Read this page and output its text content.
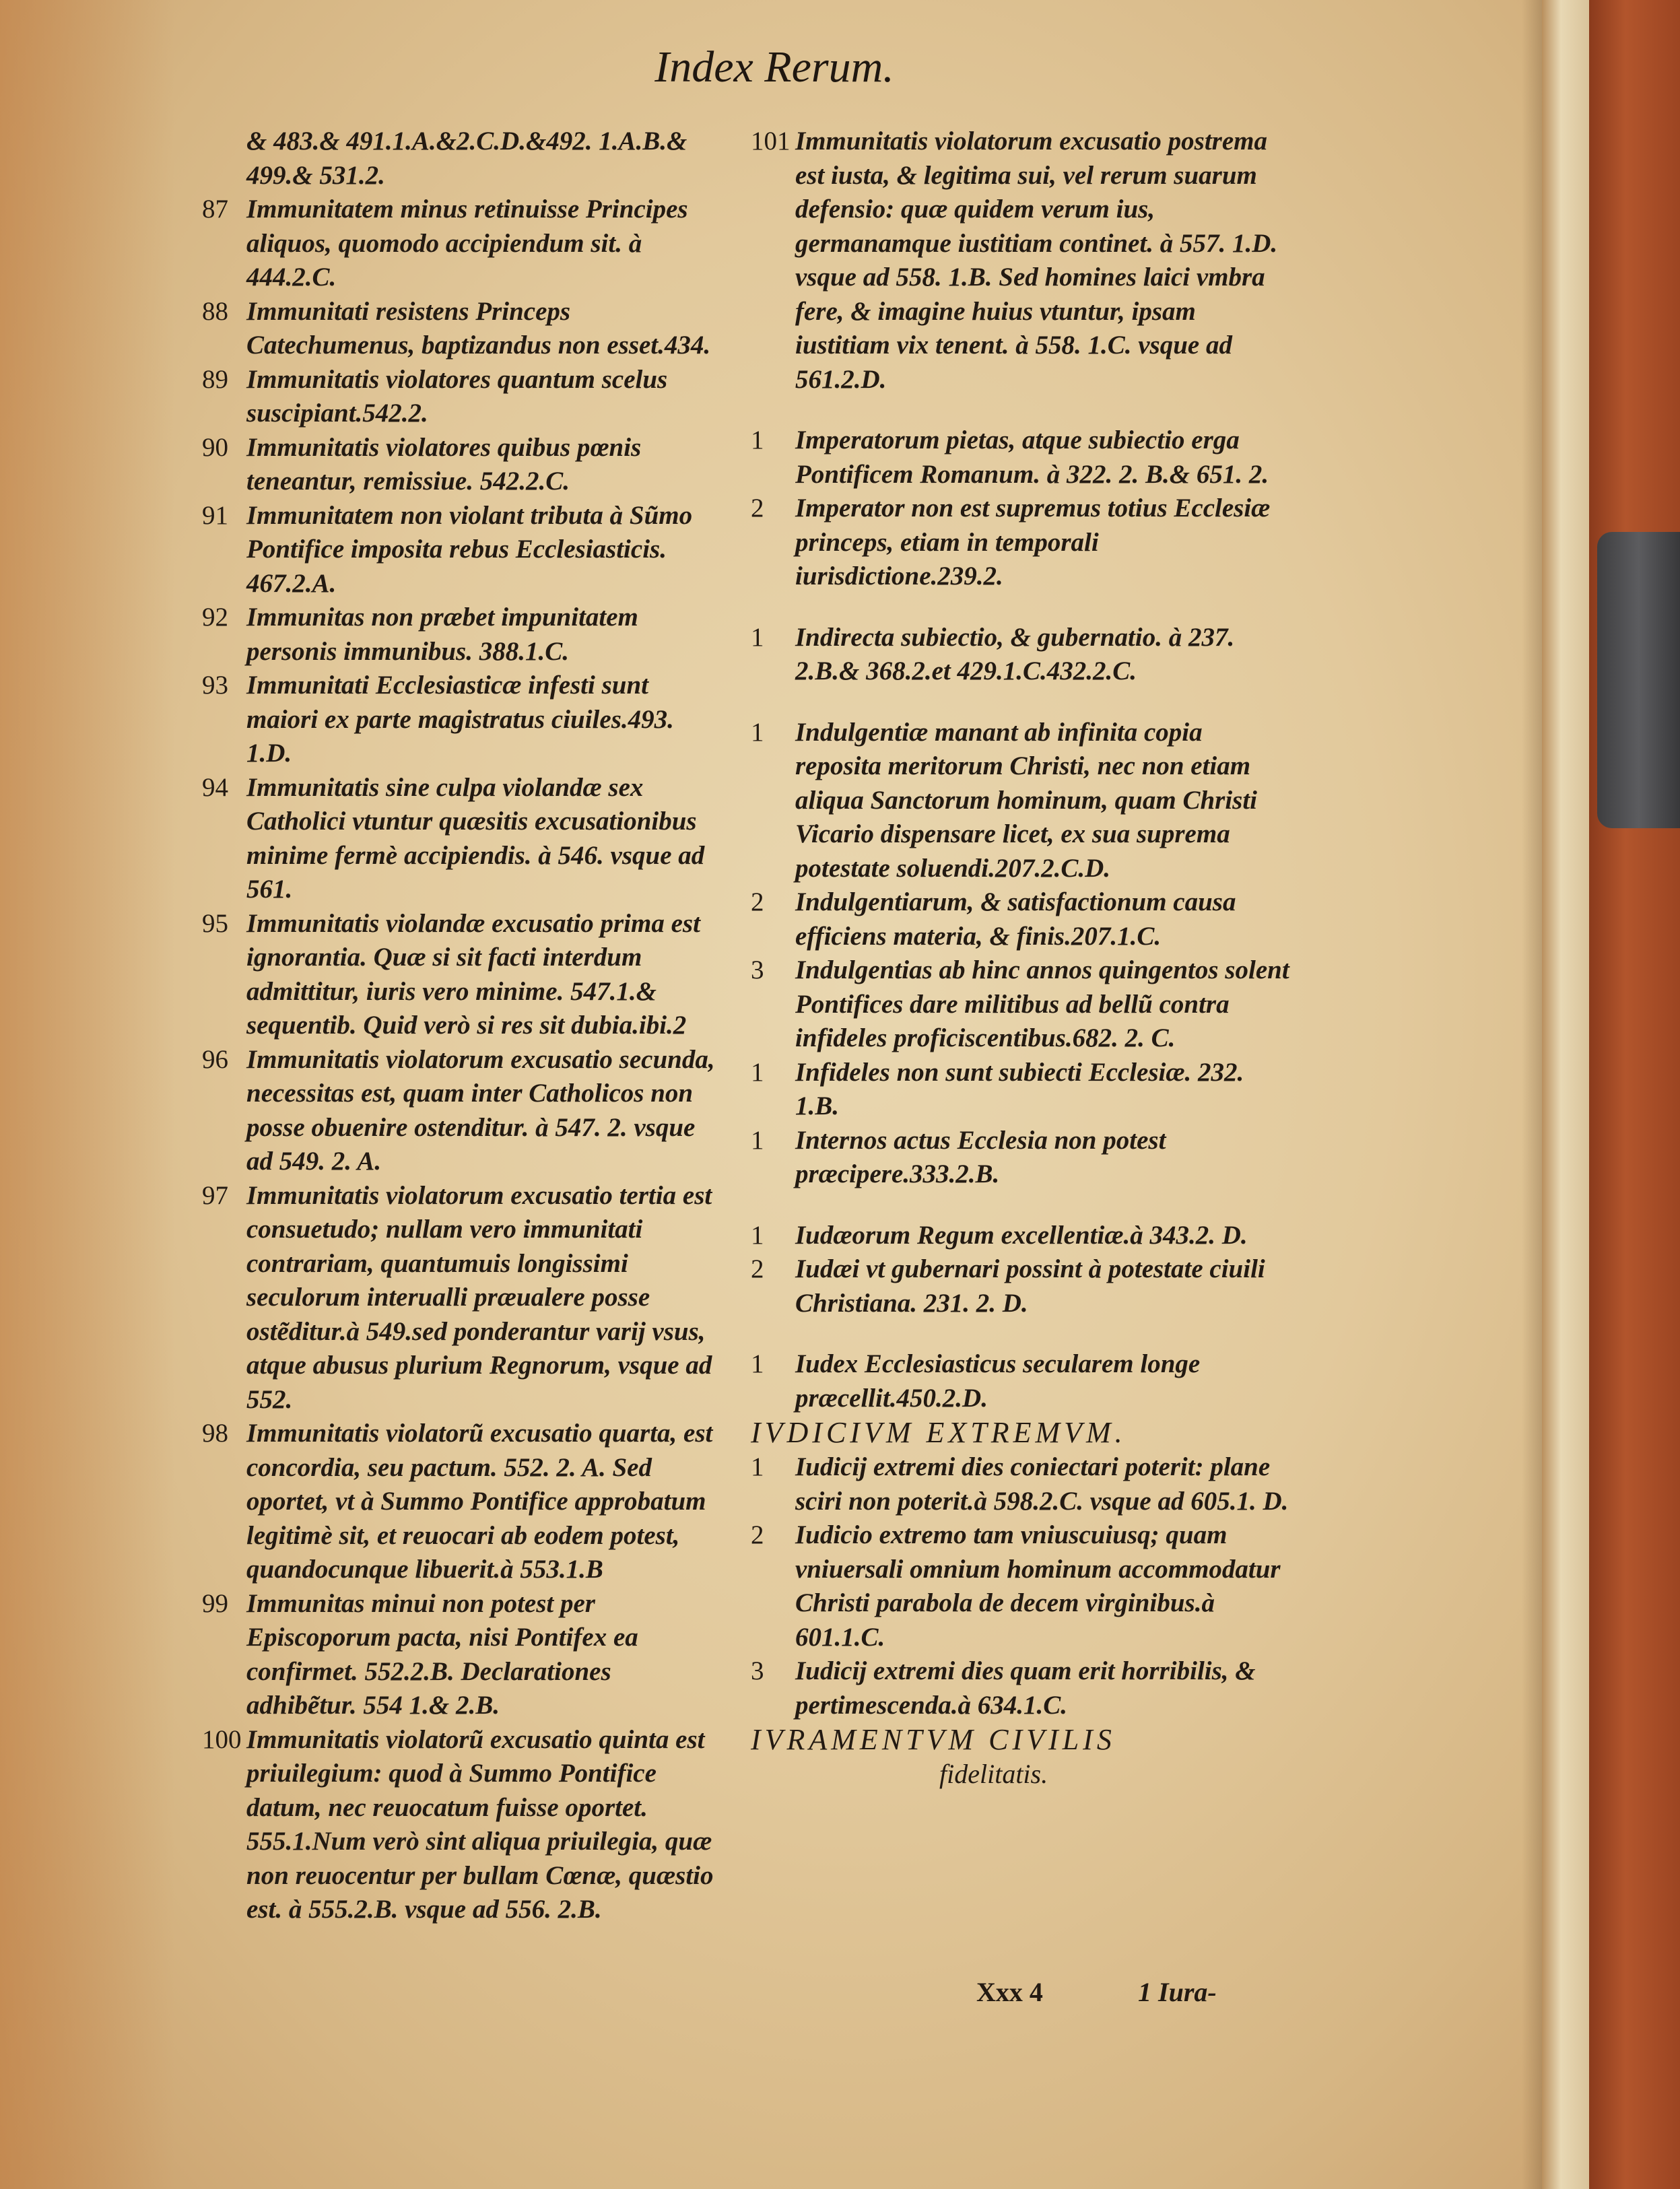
Index Rerum.
& 483.& 491.1.A.&2.C.D.&492. 1.A.B.& 499.& 531.2.
87 Immunitatem minus retinuisse Principes aliquos, quomodo accipiendum sit. à 444.2.C.
88 Immunitati resistens Princeps Catechumenus, baptizandus non esset.434.
89 Immunitatis violatores quantum scelus suscipiant.542.2.
90 Immunitatis violatores quibus pœnis teneantur, remissiue. 542.2.C.
91 Immunitatem non violant tributa à Sũmo Pontifice imposita rebus Ecclesiasticis. 467.2.A.
92 Immunitas non præbet impunitatem personis immunibus. 388.1.C.
93 Immunitati Ecclesiasticæ infesti sunt maiori ex parte magistratus ciuiles.493. 1.D.
94 Immunitatis sine culpa violandæ sex Catholici vtuntur quæsitis excusationibus minime fermè accipiendis. à 546. vsque ad 561.
95 Immunitatis violandæ excusatio prima est ignorantia. Quæ si sit facti interdum admittitur, iuris vero minime. 547.1.& sequentib. Quid verò si res sit dubia.ibi.2
96 Immunitatis violatorum excusatio secunda, necessitas est, quam inter Catholicos non posse obuenire ostenditur. à 547. 2. vsque ad 549. 2. A.
97 Immunitatis violatorum excusatio tertia est consuetudo; nullam vero immunitati contrariam, quantumuis longissimi seculorum interualli præualere posse ostẽditur.à 549.sed ponderantur varij vsus, atque abusus plurium Regnorum, vsque ad 552.
98 Immunitatis violatorũ excusatio quarta, est concordia, seu pactum. 552. 2. A. Sed oportet, vt à Summo Pontifice approbatum legitimè sit, et reuocari ab eodem potest, quandocunque libuerit.à 553.1.B
99 Immunitas minui non potest per Episcoporum pacta, nisi Pontifex ea confirmet. 552.2.B. Declarationes adhibẽtur. 554 1.& 2.B.
100 Immunitatis violatorũ excusatio quinta est priuilegium: quod à Summo Pontifice datum, nec reuocatum fuisse oportet. 555.1.Num verò sint aliqua priuilegia, quæ non reuocentur per bullam Cœnæ, quæstio est. à 555.2.B. vsque ad 556. 2.B.
101 Immunitatis violatorum excusatio postrema est iusta, & legitima sui, vel rerum suarum defensio: quæ quidem verum ius, germanamque iustitiam continet. à 557. 1.D. vsque ad 558. 1.B. Sed homines laici vmbra fere, & imagine huius vtuntur, ipsam iustitiam vix tenent. à 558. 1.C. vsque ad 561.2.D.
1 Imperatorum pietas, atque subiectio erga Pontificem Romanum. à 322. 2. B.& 651. 2.
2 Imperator non est supremus totius Ecclesiæ princeps, etiam in temporali iurisdictione.239.2.
1 Indirecta subiectio, & gubernatio. à 237. 2.B.& 368.2.et 429.1.C.432.2.C.
1 Indulgentiæ manant ab infinita copia reposita meritorum Christi, nec non etiam aliqua Sanctorum hominum, quam Christi Vicario dispensare licet, ex sua suprema potestate soluendi.207.2.C.D.
2 Indulgentiarum, & satisfactionum causa efficiens materia, & finis.207.1.C.
3 Indulgentias ab hinc annos quingentos solent Pontifices dare militibus ad bellũ contra infideles proficiscentibus.682. 2. C.
1 Infideles non sunt subiecti Ecclesiæ. 232. 1.B.
1 Internos actus Ecclesia non potest præcipere.333.2.B.
1 Iudæorum Regum excellentiæ.à 343.2. D.
2 Iudæi vt gubernari possint à potestate ciuili Christiana. 231. 2. D.
1 Iudex Ecclesiasticus secularem longe præcellit.450.2.D.
IVDICIVM EXTREMVM.
1 Iudicij extremi dies coniectari poterit: plane sciri non poterit.à 598.2.C. vsque ad 605.1. D.
2 Iudicio extremo tam vniuscuiusq; quam vniuersali omnium hominum accommodatur Christi parabola de decem virginibus.à 601.1.C.
3 Iudicij extremi dies quam erit horribilis, & pertimescenda.à 634.1.C.
IVRAMENTVM CIVILIS
fidelitatis.
Xxx 4	1 Iura-
